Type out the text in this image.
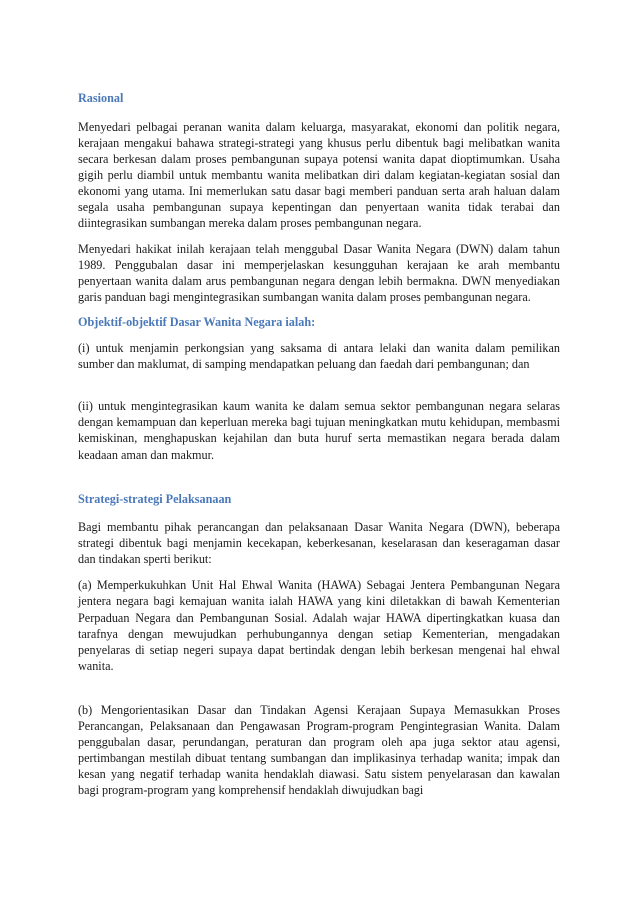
Rasional

Menyedari pelbagai peranan wanita dalam keluarga, masyarakat, ekonomi dan politik negara, kerajaan mengakui bahawa strategi-strategi yang khusus perlu dibentuk bagi melibatkan wanita secara berkesan dalam proses pembangunan supaya potensi wanita dapat dioptimumkan. Usaha gigih perlu diambil untuk membantu wanita melibatkan diri dalam kegiatan-kegiatan sosial dan ekonomi yang utama. Ini memerlukan satu dasar bagi memberi panduan serta arah haluan dalam segala usaha pembangunan supaya kepentingan dan penyertaan wanita tidak terabai dan diintegrasikan sumbangan mereka dalam proses pembangunan negara.

Menyedari hakikat inilah kerajaan telah menggubal Dasar Wanita Negara (DWN) dalam tahun 1989. Penggubalan dasar ini memperjelaskan kesungguhan kerajaan ke arah membantu penyertaan wanita dalam arus pembangunan negara dengan lebih bermakna. DWN menyediakan garis panduan bagi mengintegrasikan sumbangan wanita dalam proses pembangunan negara.

Objektif-objektif Dasar Wanita Negara ialah:

(i) untuk menjamin perkongsian yang saksama di antara lelaki dan wanita dalam pemilikan sumber dan maklumat, di samping mendapatkan peluang dan faedah dari pembangunan; dan

(ii) untuk mengintegrasikan kaum wanita ke dalam semua sektor pembangunan negara selaras dengan kemampuan dan keperluan mereka bagi tujuan meningkatkan mutu kehidupan, membasmi kemiskinan, menghapuskan kejahilan dan buta huruf serta memastikan negara berada dalam keadaan aman dan makmur.

Strategi-strategi Pelaksanaan

Bagi membantu pihak perancangan dan pelaksanaan Dasar Wanita Negara (DWN), beberapa strategi dibentuk bagi menjamin kecekapan, keberkesanan, keselarasan dan keseragaman dasar dan tindakan sperti berikut:

(a) Memperkukuhkan Unit Hal Ehwal Wanita (HAWA) Sebagai Jentera Pembangunan Negara jentera negara bagi kemajuan wanita ialah HAWA yang kini diletakkan di bawah Kementerian Perpaduan Negara dan Pembangunan Sosial. Adalah wajar HAWA dipertingkatkan kuasa dan tarafnya dengan mewujudkan perhubungannya dengan setiap Kementerian, mengadakan penyelaras di setiap negeri supaya dapat bertindak dengan lebih berkesan mengenai hal ehwal wanita.

(b) Mengorientasikan Dasar dan Tindakan Agensi Kerajaan Supaya Memasukkan Proses Perancangan, Pelaksanaan dan Pengawasan Program-program Pengintegrasian Wanita. Dalam penggubalan dasar, perundangan, peraturan dan program oleh apa juga sektor atau agensi, pertimbangan mestilah dibuat tentang sumbangan dan implikasinya terhadap wanita; impak dan kesan yang negatif terhadap wanita hendaklah diawasi. Satu sistem penyelarasan dan kawalan bagi program-program yang komprehensif hendaklah diwujudkan bagi
